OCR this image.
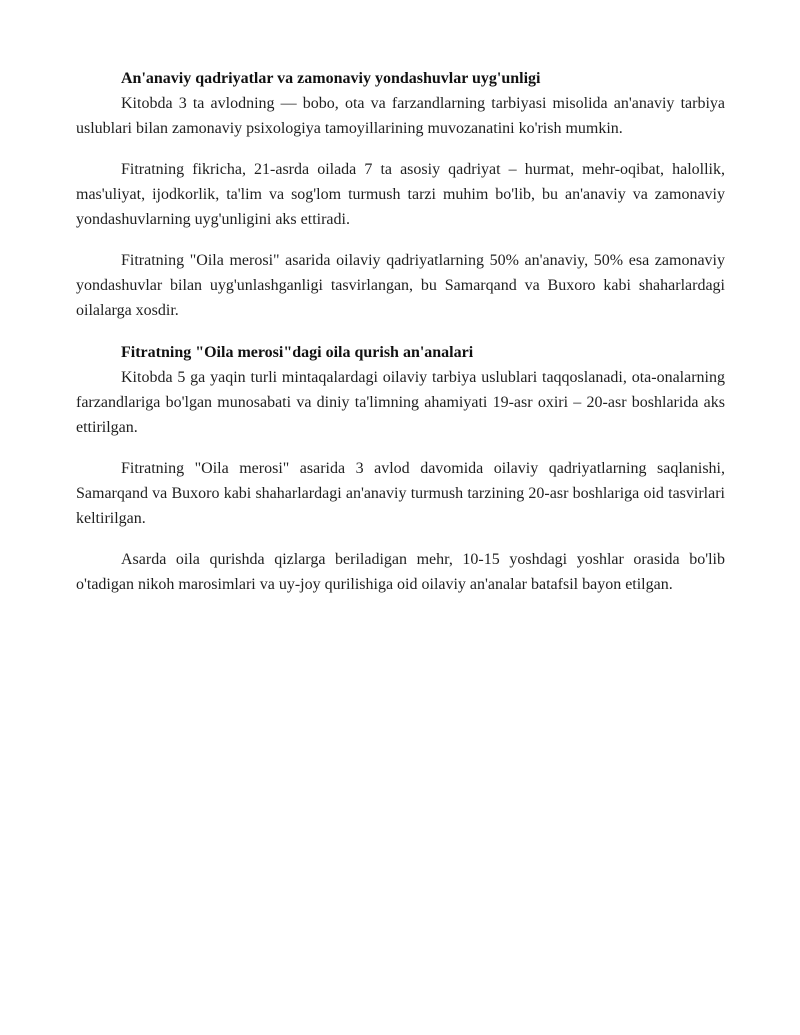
An'anaviy qadriyatlar va zamonaviy yondashuvlar uyg'unligi

Kitobda 3 ta avlodning — bobo, ota va farzandlarning tarbiyasi misolida an'anaviy tarbiya uslublari bilan zamonaviy psixologiya tamoyillarining muvozanatini ko'rish mumkin.

Fitratning fikricha, 21-asrda oilada 7 ta asosiy qadriyat – hurmat, mehr-oqibat, halollik, mas'uliyat, ijodkorlik, ta'lim va sog'lom turmush tarzi muhim bo'lib, bu an'anaviy va zamonaviy yondashuvlarning uyg'unligini aks ettiradi.

Fitratning "Oila merosi" asarida oilaviy qadriyatlarning 50% an'anaviy, 50% esa zamonaviy yondashuvlar bilan uyg'unlashganligi tasvirlangan, bu Samarqand va Buxoro kabi shaharlardagi oilalarga xosdir.

Fitratning "Oila merosi"dagi oila qurish an'analari

Kitobda 5 ga yaqin turli mintaqalardagi oilaviy tarbiya uslublari taqqoslanadi, ota-onalarning farzandlariga bo'lgan munosabati va diniy ta'limning ahamiyati 19-asr oxiri – 20-asr boshlarida aks ettirilgan.

Fitratning "Oila merosi" asarida 3 avlod davomida oilaviy qadriyatlarning saqlanishi, Samarqand va Buxoro kabi shaharlardagi an'anaviy turmush tarzining 20-asr boshlariga oid tasvirlari keltirilgan.

Asarda oila qurishda qizlarga beriladigan mehr, 10-15 yoshdagi yoshlar orasida bo'lib o'tadigan nikoh marosimlari va uy-joy qurilishiga oid oilaviy an'analar batafsil bayon etilgan.
